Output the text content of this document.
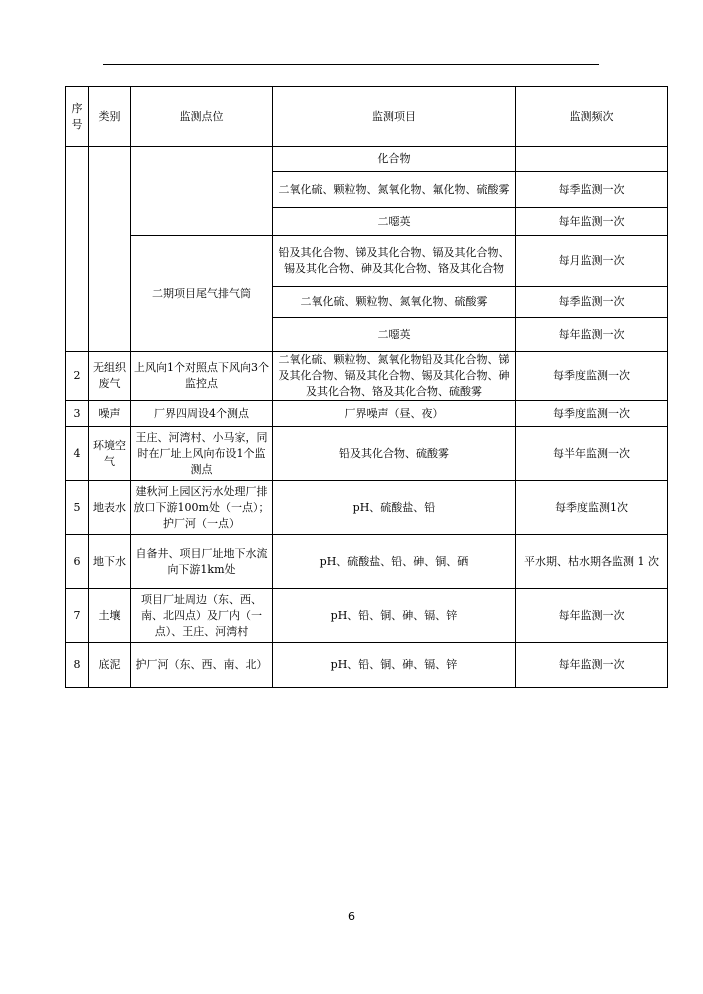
序号	类别	监测点位	监测项目	监测频次
			化合物	
			二氧化硫、颗粒物、氮氧化物、氟化物、硫酸雾	每季监测一次
			二噁英	每年监测一次
		二期项目尾气排气筒	铅及其化合物、锑及其化合物、镉及其化合物、锡及其化合物、砷及其化合物、铬及其化合物	每月监测一次
			二氧化硫、颗粒物、氮氧化物、硫酸雾	每季监测一次
			二噁英	每年监测一次
2	无组织废气	上风向1个对照点下风向3个监控点	二氧化硫、颗粒物、氮氧化物铅及其化合物、锑及其化合物、镉及其化合物、锡及其化合物、砷及其化合物、铬及其化合物、硫酸雾	每季度监测一次
3	噪声	厂界四周设4个测点	厂界噪声（昼、夜）	每季度监测一次
4	环境空气	王庄、河湾村、小马家，同时在厂址上风向布设1个监测点	铅及其化合物、硫酸雾	每半年监测一次
5	地表水	建秋河上园区污水处理厂排放口下游100m处（一点）；护厂河（一点）	pH、硫酸盐、铅	每季度监测1次
6	地下水	自备井、项目厂址地下水流向下游1km处	pH、硫酸盐、铅、砷、铜、硒	平水期、枯水期各监测 1 次
7	土壤	项目厂址周边（东、西、南、北四点）及厂内（一点）、王庄、河湾村	pH、铅、铜、砷、镉、锌	每年监测一次
8	底泥	护厂河（东、西、南、北）	pH、铅、铜、砷、镉、锌	每年监测一次
6
